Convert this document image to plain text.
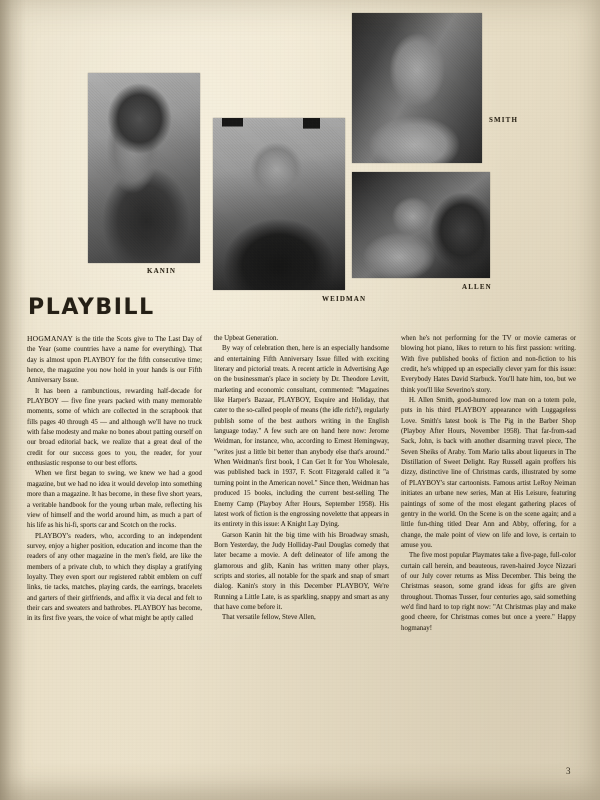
KANIN
WEIDMAN
SMITH
ALLEN
PLAYBILL

HOGMANAY is the title the Scots give to The Last Day of the Year (some countries have a name for everything). That day is almost upon PLAYBOY for the fifth consecutive time; hence, the magazine you now hold in your hands is our Fifth Anniversary Issue.

It has been a rambunctious, rewarding half-decade for PLAYBOY — five fine years packed with many memorable moments, some of which are collected in the scrapbook that fills pages 40 through 45 — and although we'll have no truck with false modesty and make no bones about patting ourself on our broad editorial back, we realize that a great deal of the credit for our success goes to you, the reader, for your enthusiastic response to our best efforts.

When we first began to swing, we knew we had a good magazine, but we had no idea it would develop into something more than a magazine. It has become, in these five short years, a veritable handbook for the young urban male, reflecting his view of himself and the world around him, as much a part of his life as his hi-fi, sports car and Scotch on the rocks.

PLAYBOY's readers, who, according to an independent survey, enjoy a higher position, education and income than the readers of any other magazine in the men's field, are like the members of a private club, to which they display a gratifying loyalty. They even sport our registered rabbit emblem on cuff links, tie tacks, matches, playing cards, the earrings, bracelets and garters of their girlfriends, and affix it via decal and felt to their cars and sweaters and bathrobes. PLAYBOY has become, in its first five years, the voice of what might be aptly called

the Upbeat Generation.

By way of celebration then, here is an especially handsome and entertaining Fifth Anniversary Issue filled with exciting literary and pictorial treats. A recent article in Advertising Age on the businessman's place in society by Dr. Theodore Levitt, marketing and economic consultant, commented: "Magazines like Harper's Bazaar, PLAYBOY, Esquire and Holiday, that cater to the so-called people of means (the idle rich?), regularly publish some of the best authors writing in the English language today." A few such are on hand here now: Jerome Weidman, for instance, who, according to Ernest Hemingway, "writes just a little bit better than anybody else that's around." When Weidman's first book, I Can Get It for You Wholesale, was published back in 1937, F. Scott Fitzgerald called it "a turning point in the American novel." Since then, Weidman has produced 15 books, including the current best-selling The Enemy Camp (Playboy After Hours, September 1958). His latest work of fiction is the engrossing novelette that appears in its entirety in this issue: A Knight Lay Dying.

Garson Kanin hit the big time with his Broadway smash, Born Yesterday, the Judy Holliday-Paul Douglas comedy that later became a movie. A deft delineator of life among the glamorous and glib, Kanin has written many other plays, scripts and stories, all notable for the spark and snap of smart dialog. Kanin's story in this December PLAYBOY, We're Running a Little Late, is as sparkling, snappy and smart as any that have come before it.

That versatile fellow, Steve Allen,

when he's not performing for the TV or movie cameras or blowing hot piano, likes to return to his first passion: writing. With five published books of fiction and non-fiction to his credit, he's whipped up an especially clever yarn for this issue: Everybody Hates David Starbuck. You'll hate him, too, but we think you'll like Severino's story.

H. Allen Smith, good-humored low man on a totem pole, puts in his third PLAYBOY appearance with Luggageless Love. Smith's latest book is The Pig in the Barber Shop (Playboy After Hours, November 1958). That far-from-sad Sack, John, is back with another disarming travel piece, The Seven Sheiks of Araby. Tom Mario talks about liqueurs in The Distillation of Sweet Delight. Ray Russell again proffers his dizzy, distinctive line of Christmas cards, illustrated by some of PLAYBOY's star cartoonists. Famous artist LeRoy Neiman initiates an urbane new series, Man at His Leisure, featuring paintings of some of the most elegant gathering places of gentry in the world. On the Scene is on the scene again; and a little fun-thing titled Dear Ann and Abby, offering, for a change, the male point of view on life and love, is certain to amuse you.

The five most popular Playmates take a five-page, full-color curtain call herein, and beauteous, raven-haired Joyce Nizzari of our July cover returns as Miss December. This being the Christmas season, some grand ideas for gifts are given throughout. Thomas Tusser, four centuries ago, said something we'd find hard to top right now: "At Christmas play and make good cheere, for Christmas comes but once a yeere." Happy hogmanay!

3
